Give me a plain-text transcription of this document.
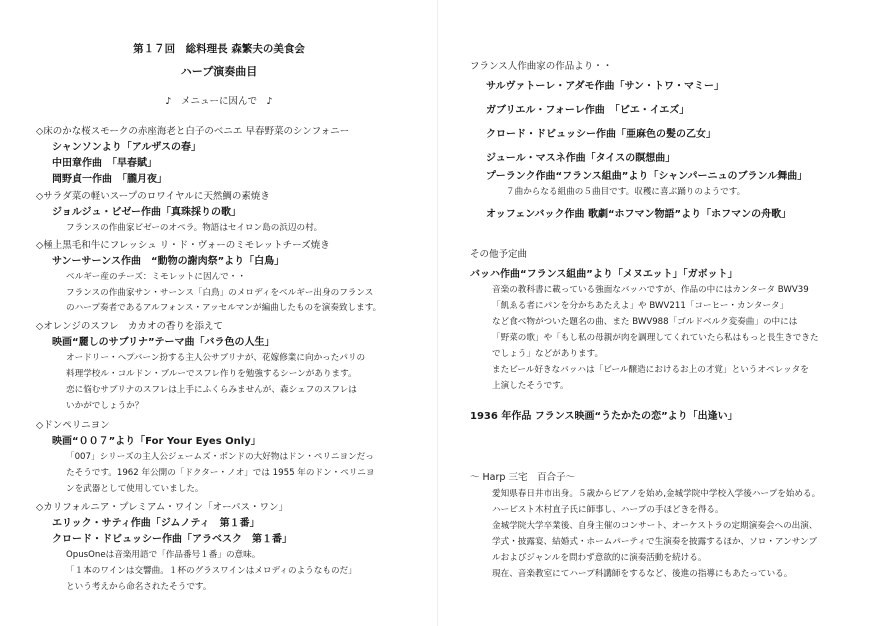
第１７回　総料理長 森繁夫の美食会
ハープ演奏曲目
♪　メニューに因んで　♪
◇床のかな桜スモークの赤座海老と白子のベニエ 早春野菜のシンフォニー
シャンソンより「アルザスの春」
中田章作曲　「早春賦」
岡野貞一作曲　「朧月夜」
◇サラダ菜の軽いスープのロワイヤルに天然鯛の素焼き
ジョルジュ・ビゼー作曲「真珠採りの歌」
フランスの作曲家ビゼーのオペラ。物語はセイロン島の浜辺の村。
◇極上黒毛和牛にフレッシュ リ・ド・ヴォーのミモレットチーズ焼き
サンーサーンス作曲　“動物の謝肉祭”より「白鳥」
ベルギー産のチーズ：ミモレットに因んで・・
フランスの作曲家サン・サーンス「白鳥」のメロディをベルギー出身のフランス
のハープ奏者であるアルフォンス・アッセルマンが編曲したものを演奏致します。
◇オレンジのスフレ　カカオの香りを添えて
映画“麗しのサブリナ”テーマ曲「バラ色の人生」
オードリー・ヘプバーン扮する主人公サブリナが、花嫁修業に向かったパリの
料理学校ル・コルドン・ブルーでスフレ作りを勉強するシーンがあります。
恋に悩むサブリナのスフレは上手にふくらみませんが、森シェフのスフレは
いかがでしょうか？
◇ドンペリニヨン
映画“００７”より「For Your Eyes Only」
「007」シリーズの主人公ジェームズ・ボンドの大好物はドン・ペリニヨンだっ
たそうです。1962 年公開の「ドクター・ノオ」では 1955 年のドン・ペリニヨ
ンを武器として使用していました。
◇カリフォルニア・プレミアム・ワイン「オーパス・ワン」
エリック・サティ作曲「ジムノティ　第１番」
クロード・ドビュッシー作曲「アラベスク　第１番」
OpusOneは音楽用語で「作品番号１番」の意味。
「１本のワインは交響曲。１杯のグラスワインはメロディのようなものだ」
という考えから命名されたそうです。
フランス人作曲家の作品より・・
サルヴァトーレ・アダモ作曲「サン・トワ・マミー」
ガブリエル・フォーレ作曲　「ピエ・イエズ」
クロード・ドビュッシー作曲「亜麻色の髪の乙女」
ジュール・マスネ作曲「タイスの瞑想曲」
プーランク作曲“フランス組曲”より「シャンパーニュのブランル舞曲」
７曲からなる組曲の５曲目です。収穫に喜ぶ踊りのようです。
オッフェンバック作曲 歌劇“ホフマン物語”より「ホフマンの舟歌」
その他予定曲
バッハ作曲“フランス組曲”より「メヌエット」「ガボット」
音楽の教科書に載っている強面なバッハですが、作品の中にはカンタータ BWV39
「飢ゑる者にパンを分かちあたえよ」や BWV211「コーヒー・カンタータ」
など食べ物がついた題名の曲、また BWV988「ゴルドベルク変奏曲」の中には
「野菜の歌」や「もし私の母親が肉を調理してくれていたら私はもっと長生きできた
でしょう」などがあります。
またビール好きなバッハは「ビール醸造におけるお上の才覚」というオペレッタを
上演したそうです。
1936 年作品 フランス映画“うたかたの恋”より「出逢い」
～ Harp 三宅　百合子～
愛知県春日井市出身。５歳からピアノを始め,金城学院中学校入学後ハープを始める。
ハーピスト木村直子氏に師事し、ハープの手ほどきを得る。
金城学院大学卒業後、自身主催のコンサート、オーケストラの定期演奏会への出演、
学式・披露宴、結婚式・ホームパーティで生演奏を披露するほか、ソロ・アンサンブ
ルおよびジャンルを問わず意欲的に演奏活動を続ける。
現在、音楽教室にてハープ科講師をするなど、後進の指導にもあたっている。
